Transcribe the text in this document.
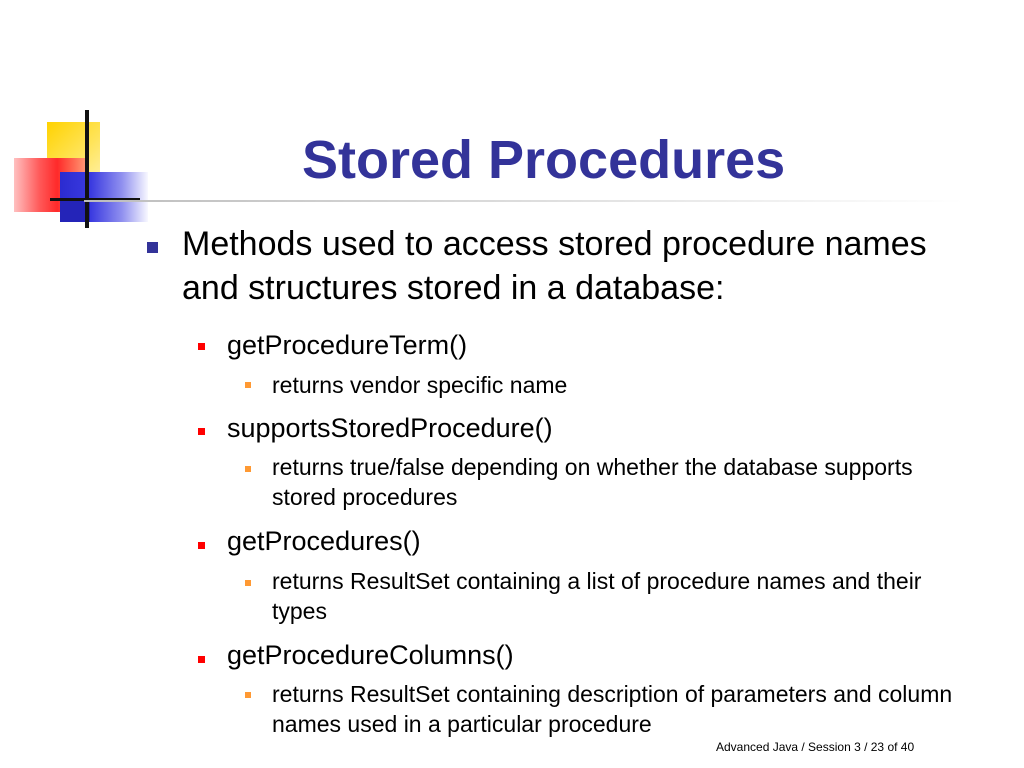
Stored Procedures

Methods used to access stored procedure names and structures stored in a database:

getProcedureTerm()

returns vendor specific name

supportsStoredProcedure()

returns true/false depending on whether the database supports stored procedures

getProcedures()

returns ResultSet containing a list of procedure names and their types

getProcedureColumns()

returns ResultSet containing description of parameters and column names used in a particular procedure

Advanced Java / Session 3 / 23 of 40
